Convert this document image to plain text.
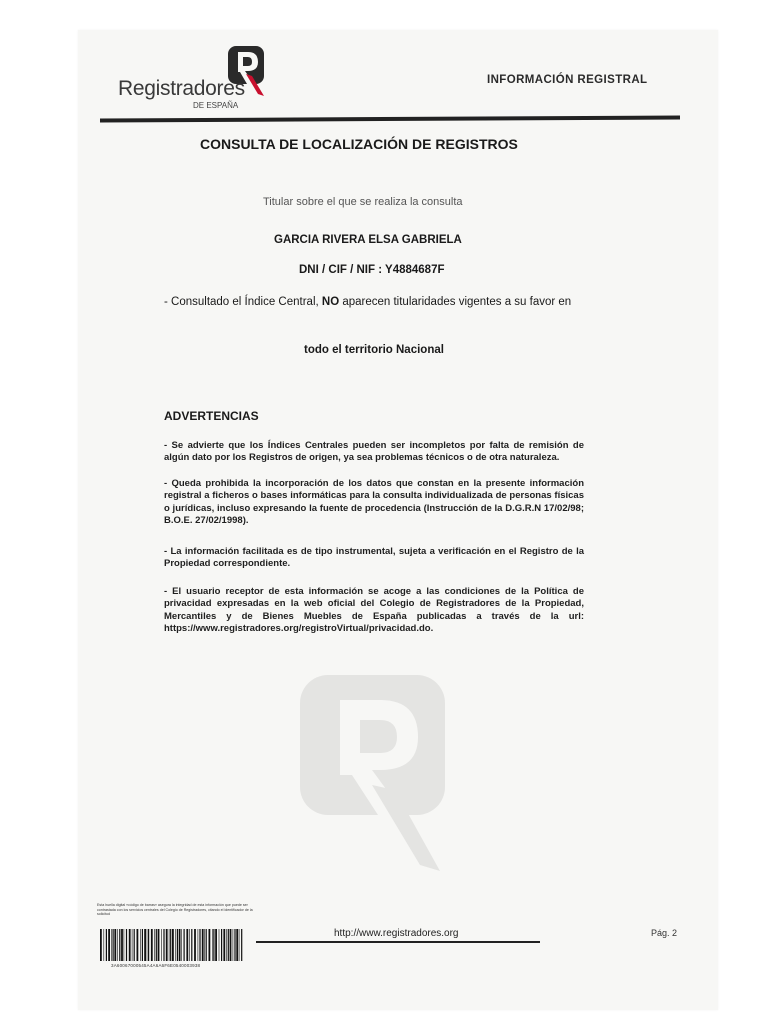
Registradores
DE ESPAÑA
INFORMACIÓN REGISTRAL
CONSULTA DE LOCALIZACIÓN DE REGISTROS
Titular sobre el que se realiza la consulta
GARCIA RIVERA ELSA GABRIELA
DNI / CIF / NIF : Y4884687F
- Consultado el Índice Central, NO aparecen titularidades vigentes a su favor en
todo el territorio Nacional
ADVERTENCIAS
- Se advierte que los Índices Centrales pueden ser incompletos por falta de remisión de algún dato por los Registros de origen, ya sea problemas técnicos o de otra naturaleza.
- Queda prohibida la incorporación de los datos que constan en la presente información registral a ficheros o bases informáticas para la consulta individualizada de personas físicas o jurídicas, incluso expresando la fuente de procedencia (Instrucción de la D.G.R.N 17/02/98; B.O.E. 27/02/1998).
- La información facilitada es de tipo instrumental, sujeta a verificación en el Registro de la Propiedad correspondiente.
- El usuario receptor de esta información se acoge a las condiciones de la Política de privacidad expresadas en la web oficial del Colegio de Registradores de la Propiedad, Mercantiles y de Bienes Muebles de España publicadas a través de la url: https://www.registradores.org/registroVirtual/privacidad.do.
Esta huella digital «código de barras» asegura la integridad de esta información que puede ser contrastada con los servicios centrales del Colegio de Registradores, citando el identificador de la solicitud
3A60067000545A4A6A6F6E0540003938
http://www.registradores.org	Pág. 2
